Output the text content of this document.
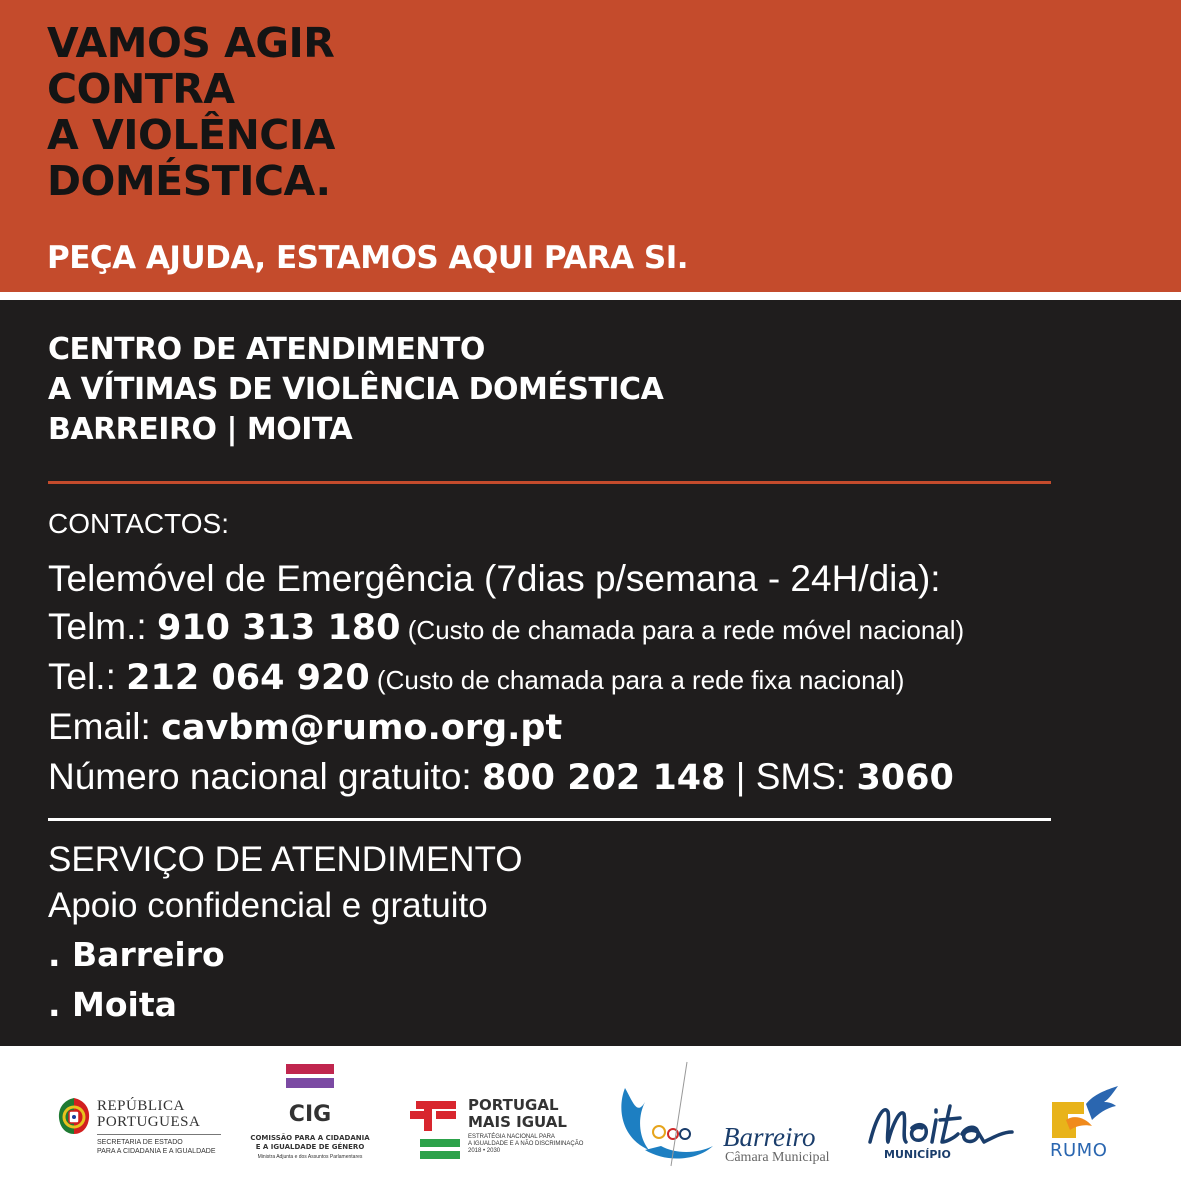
VAMOS AGIR
CONTRA
A VIOLÊNCIA
DOMÉSTICA.
PEÇA AJUDA, ESTAMOS AQUI PARA SI.
CENTRO DE ATENDIMENTO
A VÍTIMAS DE VIOLÊNCIA DOMÉSTICA
BARREIRO | MOITA
CONTACTOS:
Telemóvel de Emergência (7dias p/semana - 24H/dia):
Telm.: 910 313 180 (Custo de chamada para a rede móvel nacional)
Tel.: 212 064 920 (Custo de chamada para a rede fixa nacional)
Email: cavbm@rumo.org.pt
Número nacional gratuito: 800 202 148 | SMS: 3060
SERVIÇO DE ATENDIMENTO
Apoio confidencial e gratuito
. Barreiro
. Moita
REPÚBLICA
PORTUGUESA
SECRETARIA DE ESTADO
PARA A CIDADANIA E A IGUALDADE
CIG
COMISSÃO PARA A CIDADANIA
E A IGUALDADE DE GÉNERO
Ministra Adjunta e dos Assuntos Parlamentares
PORTUGAL
MAIS IGUAL
ESTRATÉGIA NACIONAL PARA
A IGUALDADE E A NÃO DISCRIMINAÇÃO
2018 • 2030	Barreiro
Câmara Municipal	MUNICÍPIO	RUMO
